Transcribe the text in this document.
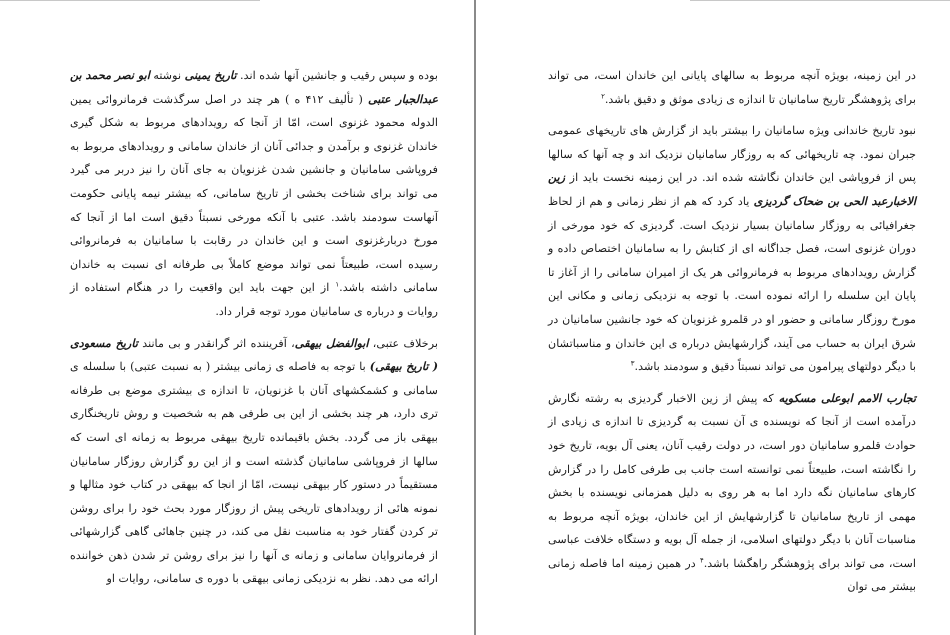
بوده و سپس رقیب و جانشین آنها شده اند. تاریخ یمینی نوشته ابو نصر محمد بن عبدالجبار عتبی ( تألیف ۴۱۲ ه ) هر چند در اصل سرگذشت فرمانروائی یمین الدوله محمود غزنوی است، امّا از آنجا که رویدادهای مربوط به شکل گیری خاندان غزنوی و برآمدن و جدائی آنان از خاندان سامانی و رویدادهای مربوط به فروپاشی سامانیان و جانشین شدن غزنویان به جای آنان را نیز دربر می گیرد می تواند برای شناخت بخشی از تاریخ سامانی، که بیشتر نیمه پایانی حکومت آنهاست سودمند باشد. عتبی با آنکه مورخی نسبتاً دقیق است اما از آنجا که مورخ دربارغزنوی است و این خاندان در رقابت با سامانیان به فرمانروائی رسیده است، طبیعتاً نمی تواند موضع کاملاً بی طرفانه ای نسبت به خاندان سامانی داشته باشد.$^۱$ از این جهت باید این واقعیت را در هنگام استفاده از روایات و درباره ی سامانیان مورد توجه قرار داد.

برخلاف عتبی، ابوالفضل بیهقی، آفریننده اثر گرانقدر و بی مانند تاریخ مسعودی ( تاریخ بیهقی) با توجه به فاصله ی زمانی بیشتر ( به نسبت عتبی) با سلسله ی سامانی و کشمکشهای آنان با غزنویان، تا اندازه ی بیشتری موضع بی طرفانه تری دارد، هر چند بخشی از این بی طرفی هم به شخصیت و روش تاریخنگاری بیهقی باز می گردد. بخش باقیمانده تاریخ بیهقی مربوط به زمانه ای است که سالها از فروپاشی سامانیان گذشته است و از این رو گزارش روزگار سامانیان مستقیماً در دستور کار بیهقی نیست، امّا از انجا که بیهقی در کتاب خود مثالها و نمونه هائی از رویدادهای تاریخی پیش از روزگار مورد بحث خود را برای روشن تر کردن گفتار خود به مناسبت نقل می کند، در چنین جاهائی گاهی گزارشهائی از فرمانروایان سامانی و زمانه ی آنها را نیز برای روشن تر شدن ذهن خواننده ارائه می دهد. نظر به نزدیکی زمانی بیهقی با دوره ی سامانی، روایات او

در این زمینه، بویژه آنچه مربوط به سالهای پایانی این خاندان است، می تواند برای پژوهشگر تاریخ سامانیان تا اندازه ی زیادی موثق و دقیق باشد.$^۲$

نبود تاریخ خاندانی ویژه سامانیان را بیشتر باید از گزارش های تاریخهای عمومی جبران نمود. چه تاریخهائی که به روزگار سامانیان نزدیک اند و چه آنها که سالها پس از فروپاشی این خاندان نگاشته شده اند. در این زمینه نخست باید از زین الاخبارعبد الحی بن ضحاک گردیزی یاد کرد که هم از نظر زمانی و هم از لحاظ جغرافیائی به روزگار سامانیان بسیار نزدیک است. گردیزی که خود مورخی از دوران غزنوی است، فصل جداگانه ای از کتابش را به سامانیان اختصاص داده و گزارش رویدادهای مربوط به فرمانروائی هر یک از امیران سامانی را از آغاز تا پایان این سلسله را ارائه نموده است. با توجه به نزدیکی زمانی و مکانی این مورخ روزگار سامانی و حضور او در قلمرو غزنویان که خود جانشین سامانیان در شرق ایران به حساب می آیند، گزارشهایش درباره ی این خاندان و مناسباتشان با دیگر دولتهای پیرامون می تواند نسبتاً دقیق و سودمند باشد.$^۳$

تجارب الامم ابوعلی مسکویه که پیش از زین الاخبار گردیزی به رشته نگارش درآمده است از آنجا که نویسنده ی آن نسبت به گردیزی تا اندازه ی زیادی از حوادث قلمرو سامانیان دور است، در دولت رقیب آنان، یعنی آل بویه، تاریخ خود را نگاشته است، طبیعتاً نمی توانسته است جانب بی طرفی کامل را در گزارش کارهای سامانیان نگه دارد اما به هر روی به دلیل همزمانی نویسنده با بخش مهمی از تاریخ سامانیان تا گزارشهایش از این خاندان، بویژه آنچه مربوط به مناسبات آنان با دیگر دولتهای اسلامی، از جمله آل بویه و دستگاه خلافت عباسی است، می تواند برای پژوهشگر راهگشا باشد.$^۴$ در همین زمینه اما فاصله زمانی بیشتر می توان
